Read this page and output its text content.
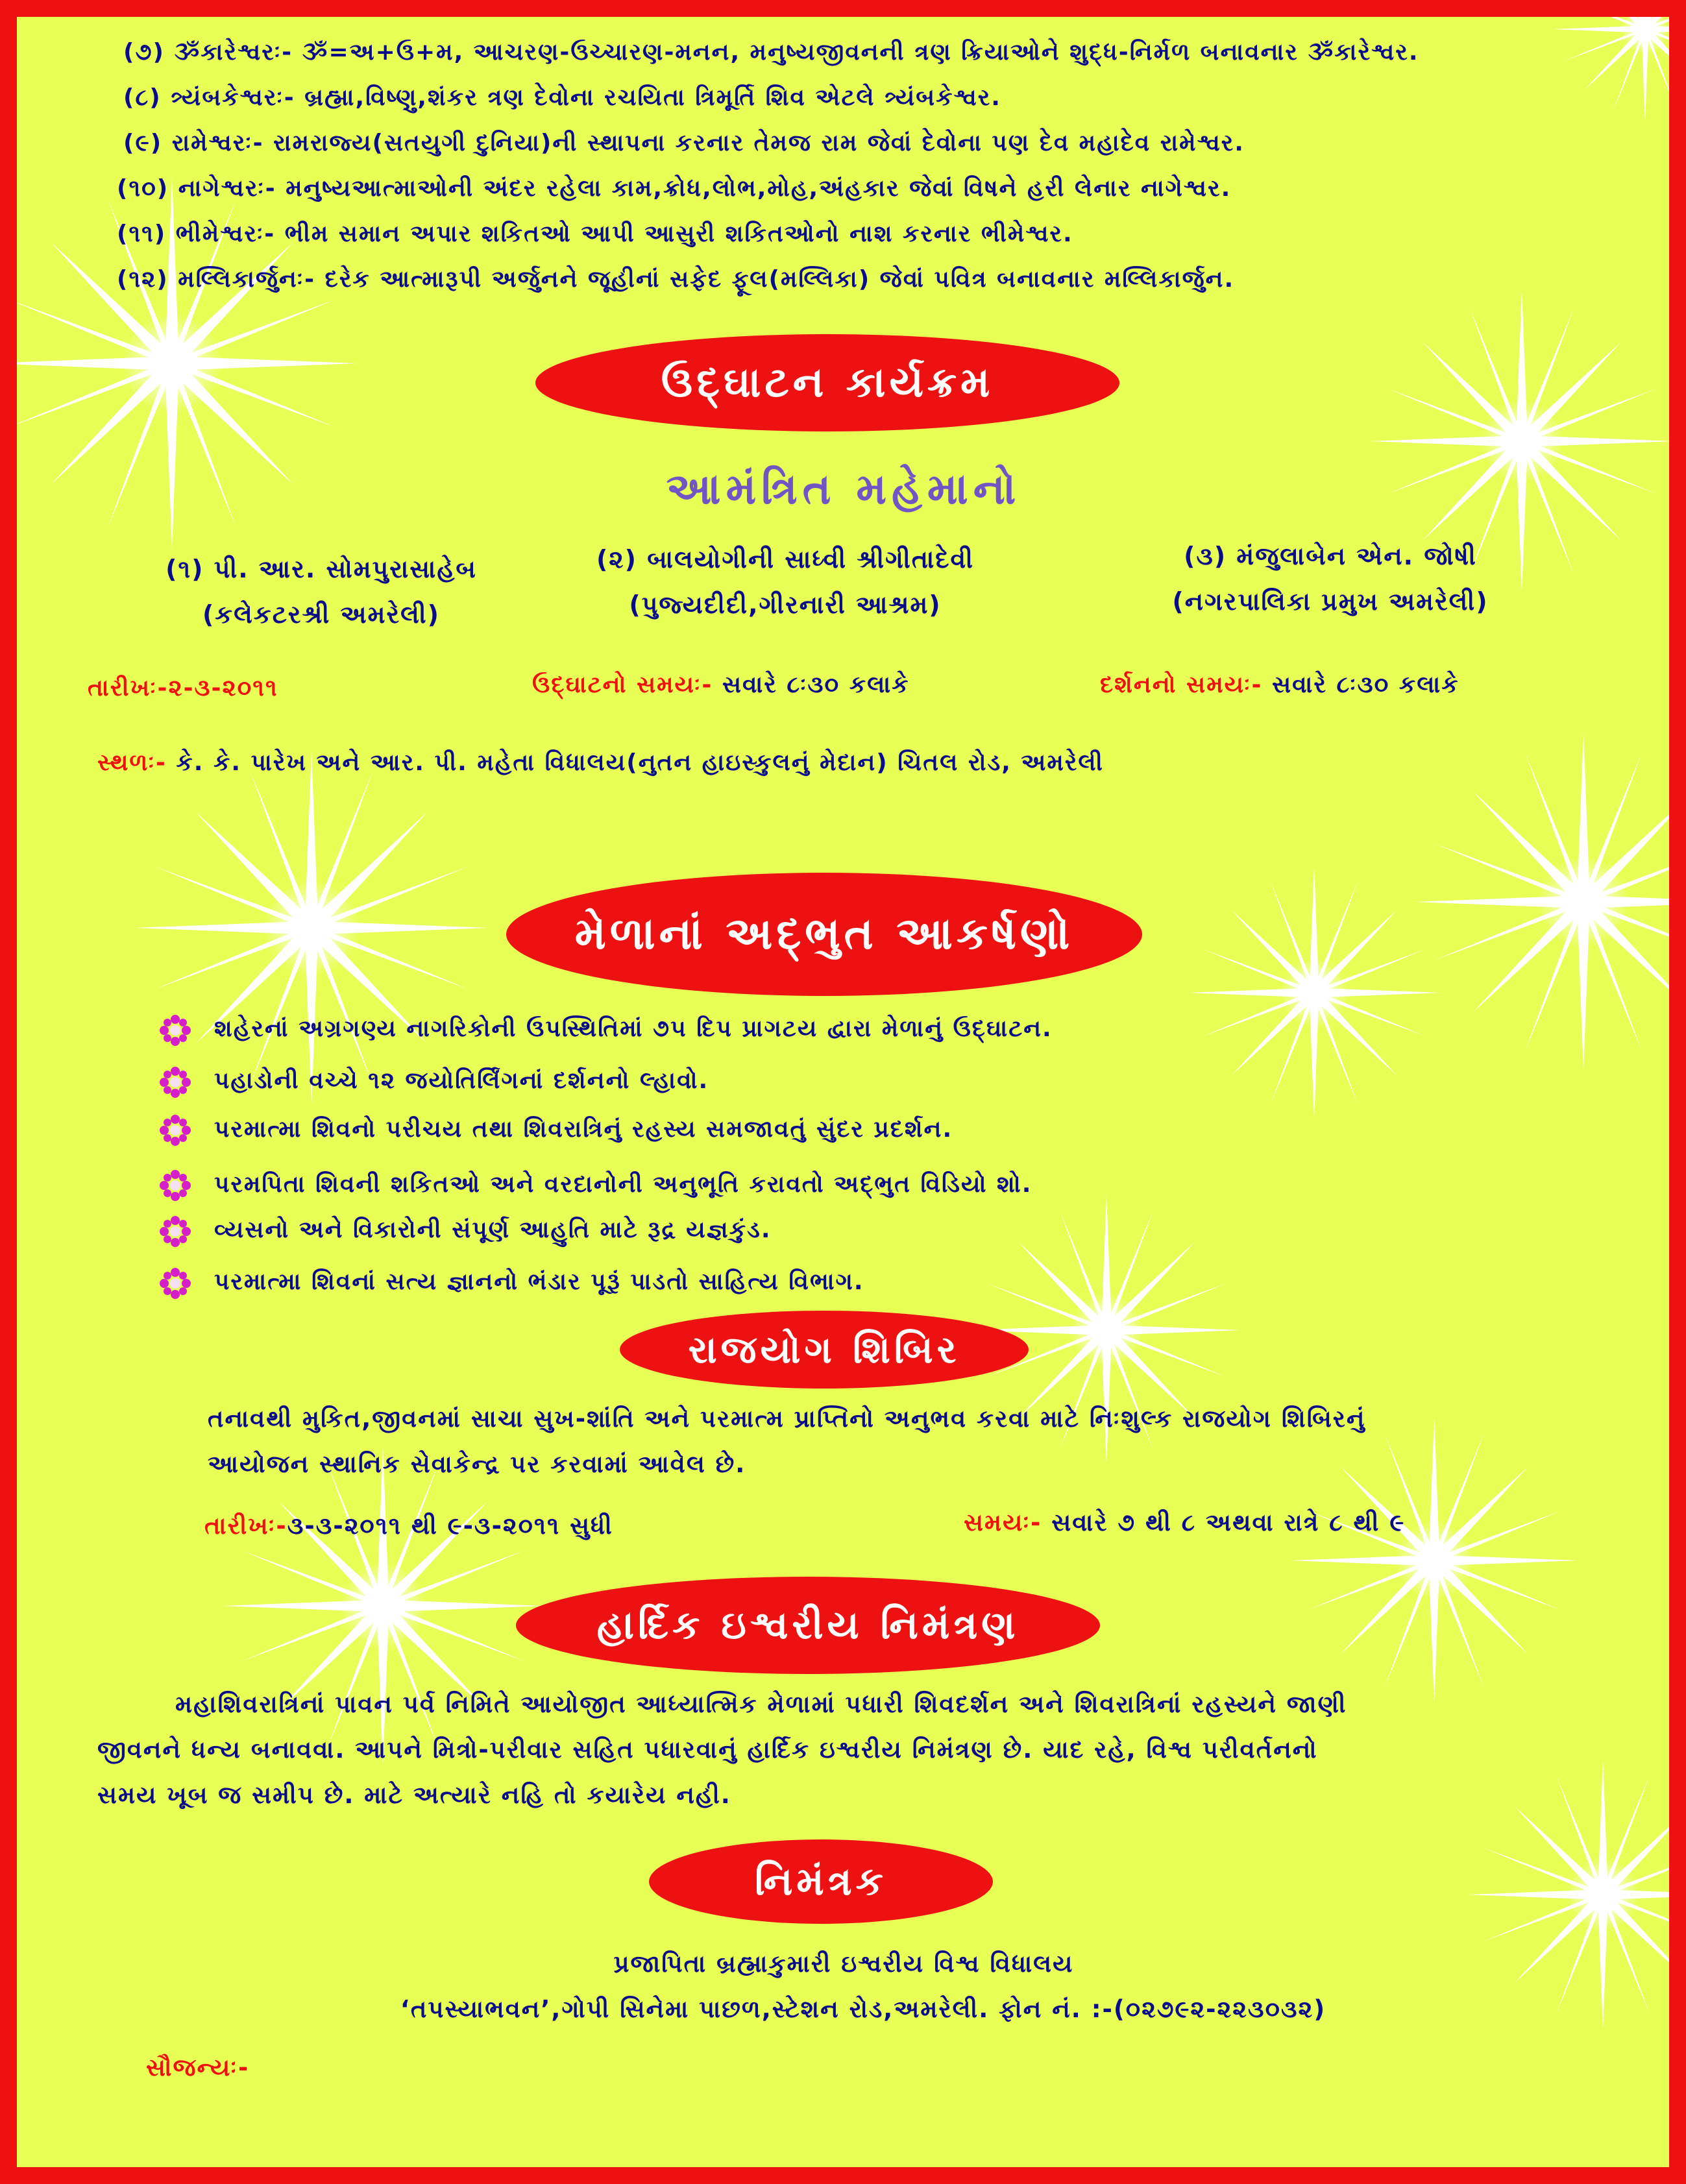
(૭) ૐકારેશ્વરઃ- ૐ=અ+ઉ+મ, આચરણ-ઉચ્ચારણ-મનન, મનુષ્યજીવનની ત્રણ ક્રિયાઓને શુદ્ધ-નિર્મળ બનાવનાર ૐકારેશ્વર.
(૮) ત્ર્યંબકેશ્વરઃ- બ્રહ્મા,વિષ્ણુ,શંકર ત્રણ દેવોના રચયિતા ત્રિમૂર્તિ શિવ એટલે ત્ર્યંબકેશ્વર.
(૯) રામેશ્વરઃ- રામરાજ્ય(સતયુગી દુનિયા)ની સ્થાપના કરનાર તેમજ રામ જેવાં દેવોના પણ દેવ મહાદેવ રામેશ્વર.
(૧૦) નાગેશ્વરઃ- મનુષ્યઆત્માઓની અંદર રહેલા કામ,ક્રોધ,લોભ,મોહ,અંહકાર જેવાં વિષને હરી લેનાર નાગેશ્વર.
(૧૧) ભીમેશ્વરઃ- ભીમ સમાન અપાર શકિતઓ આપી આસુરી શકિતઓનો નાશ કરનાર ભીમેશ્વર.
(૧૨) મલ્લિકાર્જુનઃ- દરેક આત્મારૂપી અર્જુનને જૂહીનાં સફેદ ફૂલ(મલ્લિકા) જેવાં પવિત્ર બનાવનાર મલ્લિકાર્જુન.
ઉદ્‌ઘાટન કાર્યક્રમ
આમંત્રિત મહેમાનો
(૧) પી. આર. સોમપુરાસાહેબ
(કલેકટરશ્રી અમરેલી)
(૨) બાલયોગીની સાધ્વી શ્રીગીતાદેવી
(પુજ્યદીદી,ગીરનારી આશ્રમ)
(૩) મંજુલાબેન એન. જોષી
(નગરપાલિકા પ્રમુખ અમરેલી)
તારીખઃ-૨-૩-૨૦૧૧	ઉદ્‌ઘાટનો સમયઃ- સવારે ૮ઃ૩૦ કલાકે	દર્શનનો સમયઃ- સવારે ૮ઃ૩૦ કલાકે
સ્થળઃ- કે. કે. પારેખ અને આર. પી. મહેતા વિધાલય(નુતન હાઇસ્કુલનું મેદાન) ચિતલ રોડ, અમરેલી
મેળાનાં અદ્‌ભુત આકર્ષણો
શહેરનાં અગ્રગણ્ય નાગરિકોની ઉપસ્થિતિમાં ૭૫ દિપ પ્રાગટય દ્વારા મેળાનું ઉદ્‌ઘાટન.
પહાડોની વચ્ચે ૧૨ જયોતિર્લિંગનાં દર્શનનો લ્હાવો.
પરમાત્મા શિવનો પરીચય તથા શિવરાત્રિનું રહસ્ય સમજાવતું સુંદર પ્રદર્શન.
પરમપિતા શિવની શકિતઓ અને વરદાનોની અનુભૂતિ કરાવતો અદ્‌ભુત વિડિયો શો.
વ્યસનો અને વિકારોની સંપૂર્ણ આહુતિ માટે રૂદ્ર યજ્ઞકુંડ.
પરમાત્મા શિવનાં સત્ય જ્ઞાનનો ભંડાર પૂરૂં પાડતો સાહિત્ય વિભાગ.
રાજયોગ શિબિર
તનાવથી મુકિત,જીવનમાં સાચા સુખ-શાંતિ અને પરમાત્મ પ્રાપ્તિનો અનુભવ કરવા માટે નિઃશુલ્ક રાજયોગ શિબિરનું
આયોજન સ્થાનિક સેવાકેન્દ્ર પર કરવામાં આવેલ છે.
તારીખઃ-૩-૩-૨૦૧૧ થી ૯-૩-૨૦૧૧ સુધી	સમયઃ- સવારે ૭ થી ૮ અથવા રાત્રે ૮ થી ૯
હાર્દિક ઇશ્વરીય નિમંત્રણ
મહાશિવરાત્રિનાં પાવન પર્વ નિમિતે આયોજીત આધ્યાત્મિક મેળામાં પધારી શિવદર્શન અને શિવરાત્રિનાં રહસ્યને જાણી
જીવનને ધન્ય બનાવવા. આપને મિત્રો-પરીવાર સહિત પધારવાનું હાર્દિક ઇશ્વરીય નિમંત્રણ છે. યાદ રહે, વિશ્વ પરીવર્તનનો
સમય ખૂબ જ સમીપ છે. માટે અત્યારે નહિ તો કયારેય નહી.
નિમંત્રક
પ્રજાપિતા બ્રહ્માકુમારી ઇશ્વરીય વિશ્વ વિધાલય
‘તપસ્યાભવન’,ગોપી સિનેમા પાછળ,સ્ટેશન રોડ,અમરેલી. ફોન નં. :-(૦૨૭૯૨-૨૨૩૦૩૨)
સૌજન્યઃ-
